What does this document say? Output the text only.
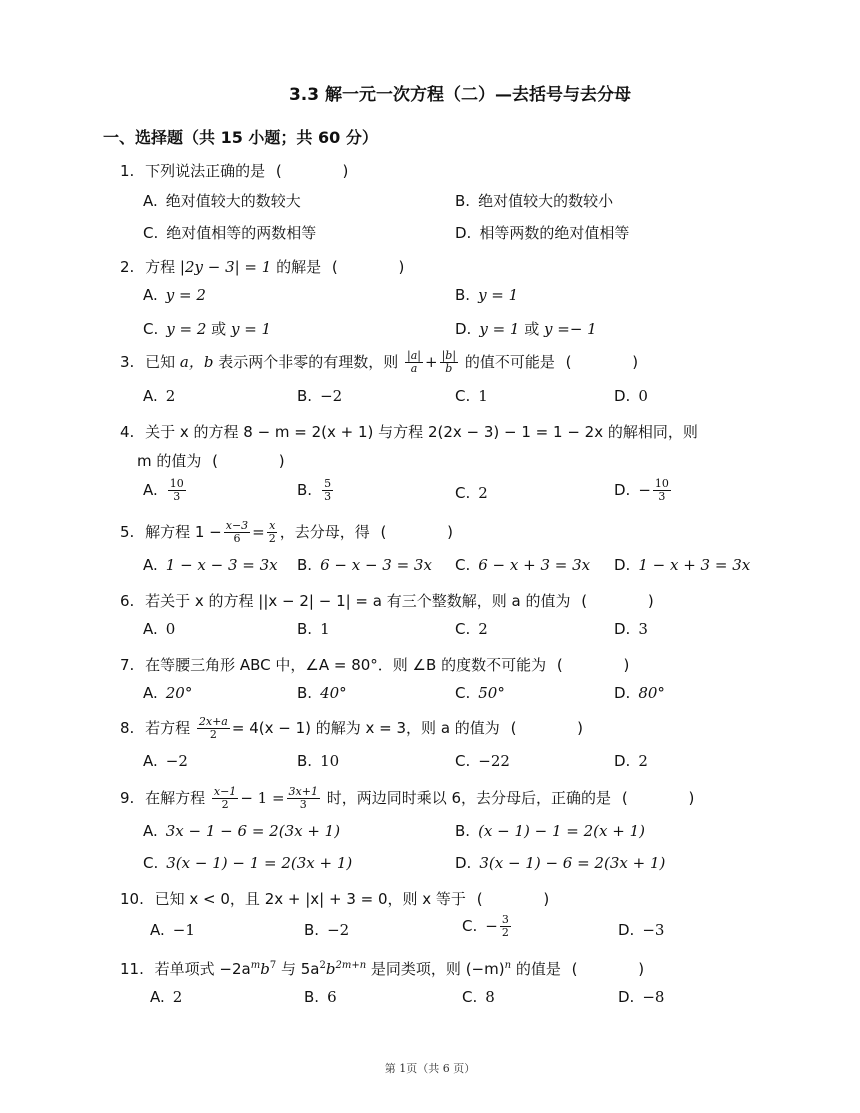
3.3 解一元一次方程（二）—去括号与去分母
一、选择题（共 15 小题；共 60 分）
1. 下列说法正确的是 ( )
A. 绝对值较大的数较大	B. 绝对值较大的数较小
C. 绝对值相等的两数相等	D. 相等两数的绝对值相等
2. 方程 |2y − 3| = 1 的解是 ( )
A. y = 2	B. y = 1
C. y = 2 或 y = 1	D. y = 1 或 y =− 1
3. 已知 a，b 表示两个非零的有理数，则 $\frac{|a|}{a} + \frac{|b|}{b}$ 的值不可能是 ( )
A. 2	B. −2	C. 1	D. 0
4. 关于 x 的方程 8 − m = 2(x + 1) 与方程 2(2x − 3) − 1 = 1 − 2x 的解相同，则
m 的值为 ( )
A. $\frac{10}{3}$	B. $\frac{5}{3}$	C. 2	D. − $\frac{10}{3}$
5. 解方程 $1 - \frac{x-3}{6} = \frac{x}{2}$ ，去分母，得 ( )
A. 1 − x − 3 = 3x B. 6 − x − 3 = 3x C. 6 − x + 3 = 3x D. 1 − x + 3 = 3x
6. 若关于 x 的方程 ||x − 2| − 1| = a 有三个整数解，则 a 的值为 ( )
A. 0	B. 1	C. 2	D. 3
7. 在等腰三角形 ABC 中，∠A = 80°．则 ∠B 的度数不可能为 ( )
A. 20°	B. 40°	C. 50°	D. 80°
8. 若方程 $\frac{2x+a}{2} = 4(x - 1)$ 的解为 x = 3，则 a 的值为 ( )
A. −2	B. 10	C. −22	D. 2
9. 在解方程 $\frac{x-1}{2} - 1 = \frac{3x+1}{3}$ 时，两边同时乘以 6，去分母后，正确的是 ( )
A. 3x − 1 − 6 = 2(3x + 1)	B. (x − 1) − 1 = 2(x + 1)
C. 3(x − 1) − 1 = 2(3x + 1)	D. 3(x − 1) − 6 = 2(3x + 1)
10. 已知 x < 0，且 2x + |x| + 3 = 0，则 x 等于 ( )
A. −1	B. −2	C. − $\frac{3}{2}$	D. −3
11. 若单项式 $-2a^mb^7$ 与 $5a^2b^{2m+n}$ 是同类项，则 $(-m)^n$ 的值是 ( )
A. 2	B. 6	C. 8	D. −8
第 1页（共 6 页）
